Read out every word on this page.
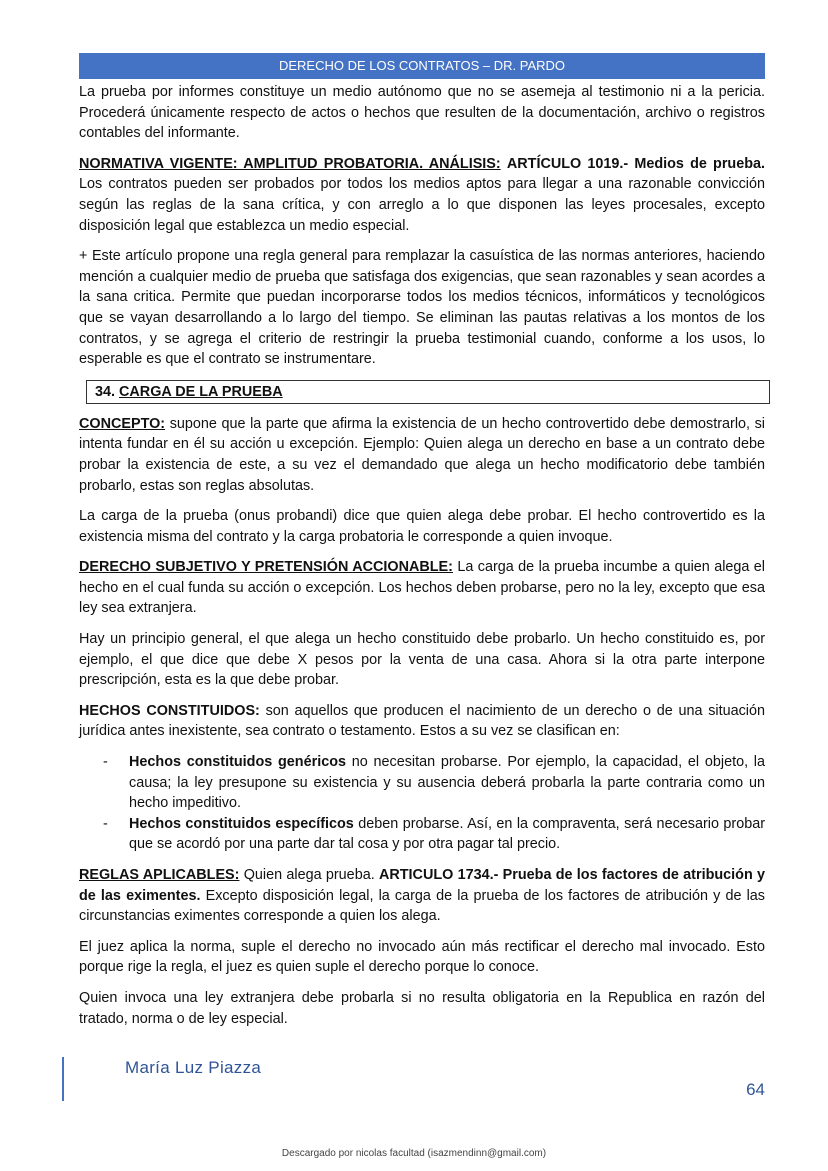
DERECHO DE LOS CONTRATOS – DR. PARDO

La prueba por informes constituye un medio autónomo que no se asemeja al testimonio ni a la pericia. Procederá únicamente respecto de actos o hechos que resulten de la documentación, archivo o registros contables del informante.

NORMATIVA VIGENTE: AMPLITUD PROBATORIA. ANÁLISIS: ARTÍCULO 1019.- Medios de prueba. Los contratos pueden ser probados por todos los medios aptos para llegar a una razonable convicción según las reglas de la sana crítica, y con arreglo a lo que disponen las leyes procesales, excepto disposición legal que establezca un medio especial.

+ Este artículo propone una regla general para remplazar la casuística de las normas anteriores, haciendo mención a cualquier medio de prueba que satisfaga dos exigencias, que sean razonables y sean acordes a la sana critica. Permite que puedan incorporarse todos los medios técnicos, informáticos y tecnológicos que se vayan desarrollando a lo largo del tiempo. Se eliminan las pautas relativas a los montos de los contratos, y se agrega el criterio de restringir la prueba testimonial cuando, conforme a los usos, lo esperable es que el contrato se instrumentare.

34. CARGA DE LA PRUEBA

CONCEPTO: supone que la parte que afirma la existencia de un hecho controvertido debe demostrarlo, si intenta fundar en él su acción u excepción. Ejemplo: Quien alega un derecho en base a un contrato debe probar la existencia de este, a su vez el demandado que alega un hecho modificatorio debe también probarlo, estas son reglas absolutas.

La carga de la prueba (onus probandi) dice que quien alega debe probar. El hecho controvertido es la existencia misma del contrato y la carga probatoria le corresponde a quien invoque.

DERECHO SUBJETIVO Y PRETENSIÓN ACCIONABLE: La carga de la prueba incumbe a quien alega el hecho en el cual funda su acción o excepción. Los hechos deben probarse, pero no la ley, excepto que esa ley sea extranjera.

Hay un principio general, el que alega un hecho constituido debe probarlo. Un hecho constituido es, por ejemplo, el que dice que debe X pesos por la venta de una casa. Ahora si la otra parte interpone prescripción, esta es la que debe probar.

HECHOS CONSTITUIDOS: son aquellos que producen el nacimiento de un derecho o de una situación jurídica antes inexistente, sea contrato o testamento. Estos a su vez se clasifican en:

- Hechos constituidos genéricos no necesitan probarse. Por ejemplo, la capacidad, el objeto, la causa; la ley presupone su existencia y su ausencia deberá probarla la parte contraria como un hecho impeditivo.
- Hechos constituidos específicos deben probarse. Así, en la compraventa, será necesario probar que se acordó por una parte dar tal cosa y por otra pagar tal precio.

REGLAS APLICABLES: Quien alega prueba. ARTICULO 1734.- Prueba de los factores de atribución y de las eximentes. Excepto disposición legal, la carga de la prueba de los factores de atribución y de las circunstancias eximentes corresponde a quien los alega.

El juez aplica la norma, suple el derecho no invocado aún más rectificar el derecho mal invocado. Esto porque rige la regla, el juez es quien suple el derecho porque lo conoce.

Quien invoca una ley extranjera debe probarla si no resulta obligatoria en la Republica en razón del tratado, norma o de ley especial.

María Luz Piazza
64
Descargado por nicolas facultad (isazmendinn@gmail.com)
